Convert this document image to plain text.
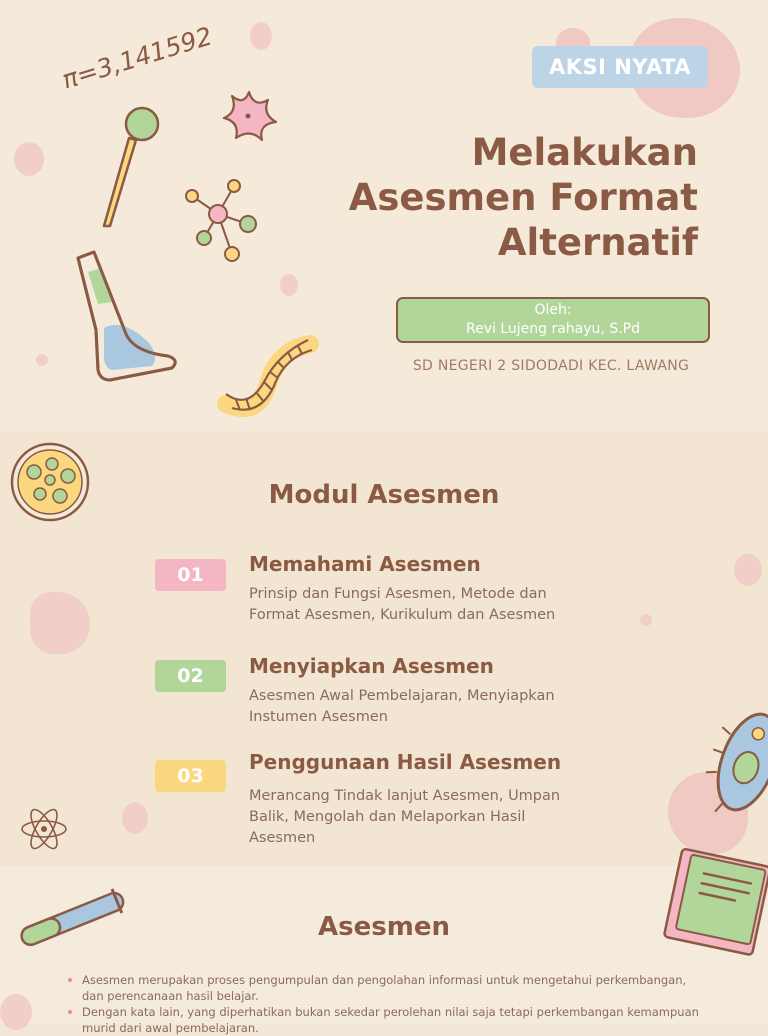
π=3,141592	AKSI NYATA
Melakukan
Asesmen Format
Alternatif
Oleh:
Revi Lujeng rahayu, S.Pd
SD NEGERI 2 SIDODADI KEC. LAWANG
Modul Asesmen
01	Memahami Asesmen
Prinsip dan Fungsi Asesmen, Metode dan Format Asesmen, Kurikulum dan Asesmen
02	Menyiapkan Asesmen
Asesmen Awal Pembelajaran, Menyiapkan Instumen Asesmen
03
Penggunaan Hasil Asesmen
Merancang Tindak lanjut Asesmen, Umpan Balik, Mengolah dan Melaporkan Hasil Asesmen
Asesmen
Asesmen merupakan proses pengumpulan dan pengolahan informasi untuk mengetahui perkembangan, dan perencanaan hasil belajar.
Dengan kata lain, yang diperhatikan bukan sekedar perolehan nilai saja tetapi perkembangan kemampuan murid dari awal pembelajaran.
